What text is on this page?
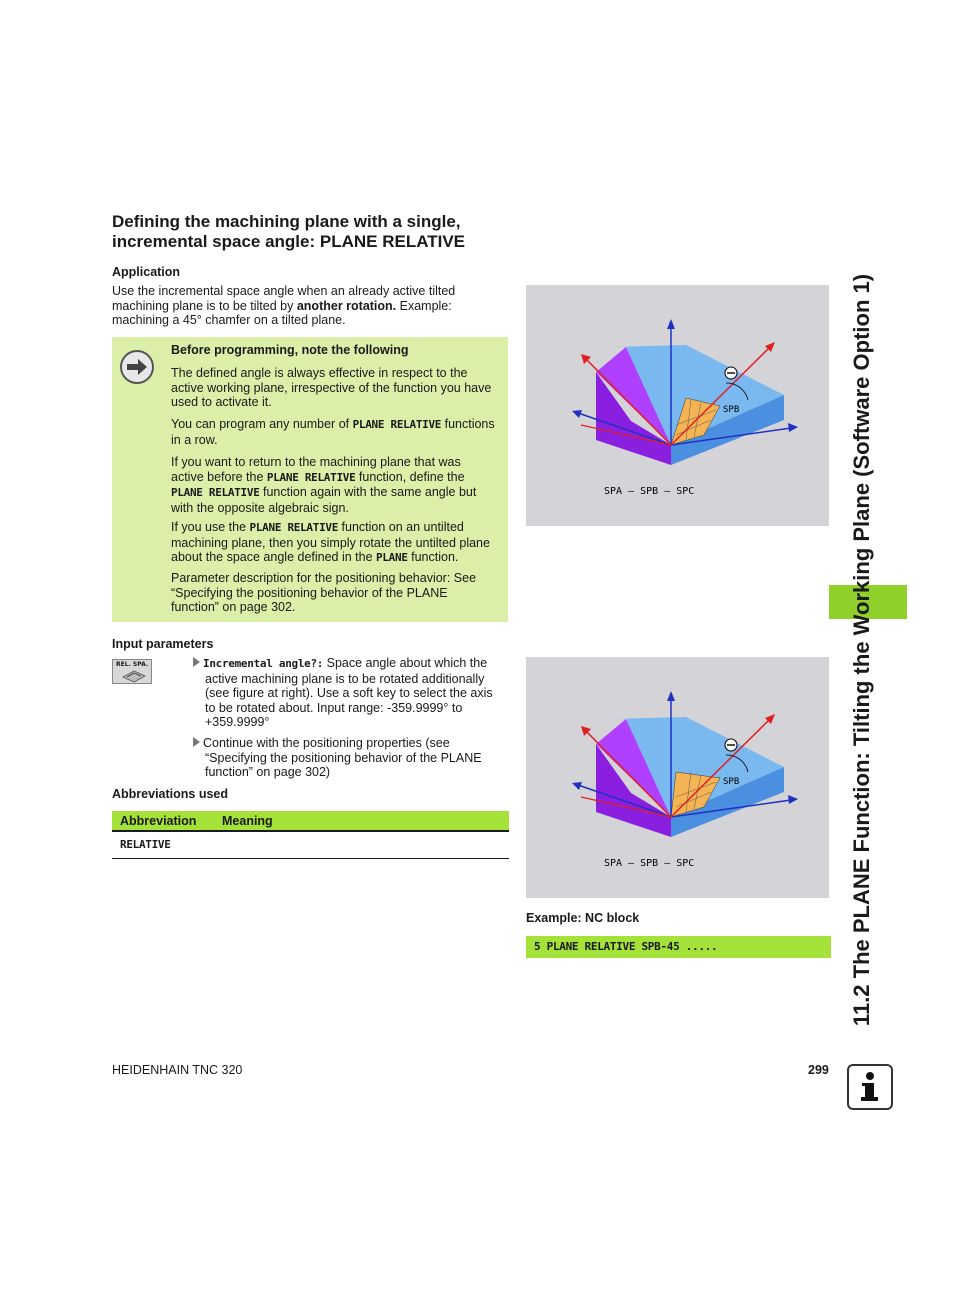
Defining the machining plane with a single,
incremental space angle: PLANE RELATIVE
Application
Use the incremental space angle when an already active tilted
machining plane is to be tilted by another rotation. Example:
machining a 45° chamfer on a tilted plane.
Before programming, note the following
The defined angle is always effective in respect to the
active working plane, irrespective of the function you have
used to activate it.
You can program any number of PLANE RELATIVE functions
in a row.
If you want to return to the machining plane that was
active before the PLANE RELATIVE function, define the
PLANE RELATIVE function again with the same angle but
with the opposite algebraic sign.
If you use the PLANE RELATIVE function on an untilted
machining plane, then you simply rotate the untilted plane
about the space angle defined in the PLANE function.
Parameter description for the positioning behavior: See
“Specifying the positioning behavior of the PLANE
function” on page 302.
Input parameters
REL. SPA.	Incremental angle?: Space angle about which the
active machining plane is to be rotated additionally
(see figure at right). Use a soft key to select the axis
to be rotated about. Input range: -359.9999° to
+359.9999°
Continue with the positioning properties (see
“Specifying the positioning behavior of the PLANE
function” on page 302)
Abbreviations used
Abbreviation	Meaning
RELATIVE	
SPB
SPA – SPB – SPC
SPB
SPA – SPB – SPC
Example: NC block
5 PLANE RELATIVE SPB-45 .....	11.2 The PLANE Function: Tilting the Working Plane (Software Option 1)
HEIDENHAIN TNC 320	299
